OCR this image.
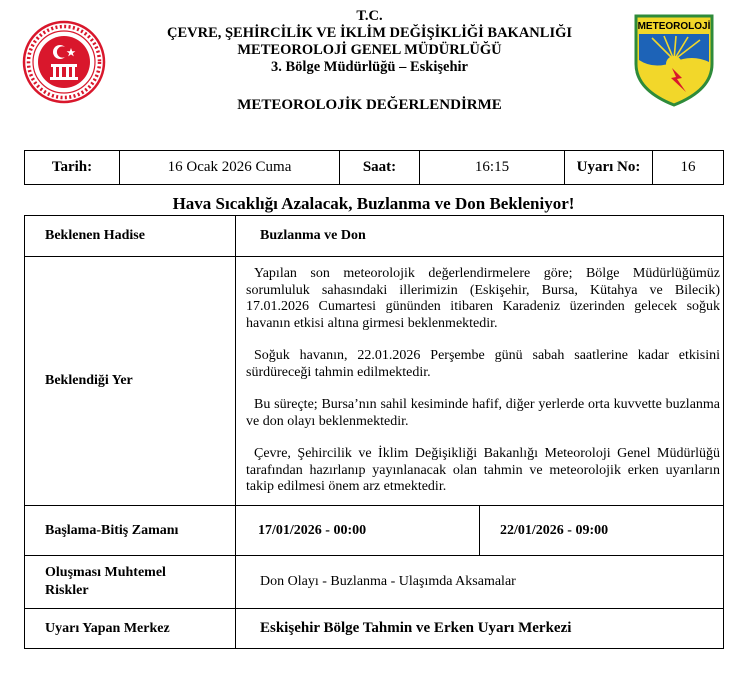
T.C.
ÇEVRE, ŞEHİRCİLİK VE İKLİM DEĞİŞİKLİĞİ BAKANLIĞI
METEOROLOJİ GENEL MÜDÜRLÜĞÜ
3. Bölge Müdürlüğü – Eskişehir
METEOROLOJİK DEĞERLENDİRME
METEOROLOJİ
Tarih:	16 Ocak 2026 Cuma	Saat:	16:15	Uyarı No:	16
Hava Sıcaklığı Azalacak, Buzlanma ve Don Bekleniyor!
Beklenen Hadise	Buzlanma ve Don	
Beklendiği Yer	Yapılan son meteorolojik değerlendirmelere göre; Bölge Müdürlüğümüz sorumluluk sahasındaki illerimizin (Eskişehir, Bursa, Kütahya ve Bilecik) 17.01.2026 Cumartesi gününden itibaren Karadeniz üzerinden gelecek soğuk havanın etkisi altına girmesi beklenmektedir.

Soğuk havanın, 22.01.2026 Perşembe günü sabah saatlerine kadar etkisini sürdüreceği tahmin edilmektedir.

Bu süreçte; Bursa’nın sahil kesiminde hafif, diğer yerlerde orta kuvvette buzlanma ve don olayı beklenmektedir.

Çevre, Şehircilik ve İklim Değişikliği Bakanlığı Meteoroloji Genel Müdürlüğü tarafından hazırlanıp yayınlanacak olan tahmin ve meteorolojik erken uyarıların takip edilmesi önem arz etmektedir.	

Başlama-Bitiş Zamanı	17/01/2026 - 00:00	22/01/2026 - 09:00
Oluşması Muhtemel Riskler	Don Olayı - Buzlanma - Ulaşımda Aksamalar	
Uyarı Yapan Merkez	Eskişehir Bölge Tahmin ve Erken Uyarı Merkezi	
